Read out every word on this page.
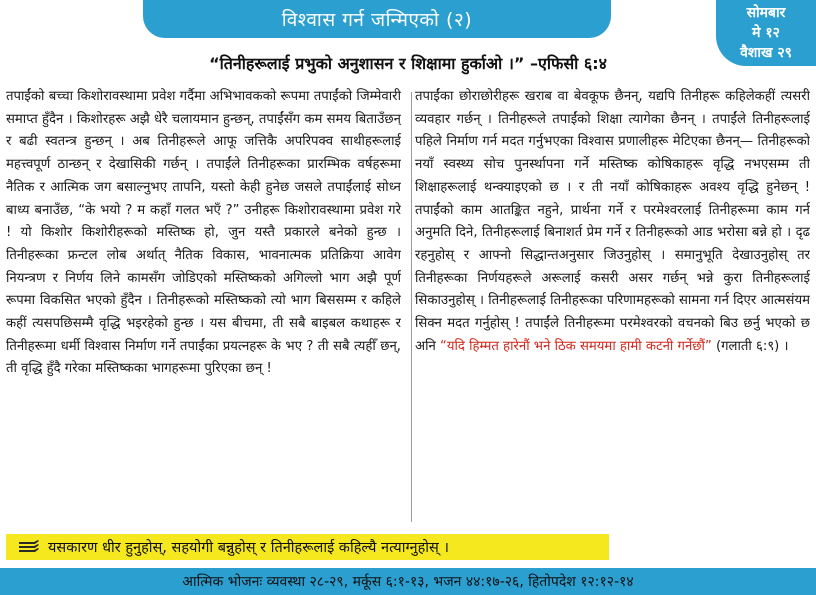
विश्वास गर्न जन्मिएको (२)	सोमबार
मे १२
वैशाख २९
“तिनीहरूलाई प्रभुको अनुशासन र शिक्षामा हुर्काओ ।” –एफिसी ६:४
तपाईंको बच्चा किशोरावस्थामा प्रवेश गर्दैमा अभिभावकको रूपमा तपाईंको जिम्मेवारी समाप्त हुँदैन । किशोरहरू अझै धेरै चलायमान हुन्छन्, तपाईंसँग कम समय बिताउँछन् र बढी स्वतन्त्र हुन्छन् । अब तिनीहरूले आफू जत्तिकै अपरिपक्व साथीहरूलाई महत्त्वपूर्ण ठान्छन् र देखासिकी गर्छन् । तपाईंले तिनीहरूका प्रारम्भिक वर्षहरूमा नैतिक र आत्मिक जग बसाल्नुभए तापनि, यस्तो केही हुनेछ जसले तपाईंलाई सोध्न बाध्य बनाउँछ, “के भयो ? म कहाँ गलत भएँ ?” उनीहरू किशोरावस्थामा प्रवेश गरे ! यो किशोर किशोरीहरूको मस्तिष्क हो, जुन यस्तै प्रकारले बनेको हुन्छ । तिनीहरूका फ्रन्टल लोब अर्थात् नैतिक विकास, भावनात्मक प्रतिक्रिया आवेग नियन्त्रण र निर्णय लिने कामसँग जोडिएको मस्तिष्कको अगिल्लो भाग अझै पूर्ण रूपमा विकसित भएको हुँदैन । तिनीहरूको मस्तिष्कको त्यो भाग बिससम्म र कहिले कहीं त्यसपछिसम्मै वृद्धि भइरहेको हुन्छ । यस बीचमा, ती सबै बाइबल कथाहरू र तिनीहरूमा धर्मी विश्वास निर्माण गर्ने तपाईंका प्रयत्नहरू के भए ? ती सबै त्यहीँ छन्, ती वृद्धि हुँदै गरेका मस्तिष्कका भागहरूमा पुरिएका छन् !
तपाईंका छोराछोरीहरू खराब वा बेवकूफ छैनन्, यद्यपि तिनीहरू कहिलेकहीं त्यसरी व्यवहार गर्छन् । तिनीहरूले तपाईंको शिक्षा त्यागेका छैनन् । तपाईंले तिनीहरूलाई पहिले निर्माण गर्न मदत गर्नुभएका विश्वास प्रणालीहरू मेटिएका छैनन्— तिनीहरूको नयाँ स्वस्थ्य सोच पुनर्स्थापना गर्ने मस्तिष्क कोषिकाहरू वृद्धि नभएसम्म ती शिक्षाहरूलाई थन्क्याइएको छ । र ती नयाँ कोषिकाहरू अवश्य वृद्धि हुनेछन् ! तपाईंको काम आतङ्कित नहुने, प्रार्थना गर्ने र परमेश्वरलाई तिनीहरूमा काम गर्न अनुमति दिने, तिनीहरूलाई बिनाशर्त प्रेम गर्ने र तिनीहरूको आड भरोसा बन्ने हो । दृढ रहनुहोस् र आफ्नो सिद्धान्तअनुसार जिउनुहोस् । समानुभूति देखाउनुहोस् तर तिनीहरूका निर्णयहरूले अरूलाई कसरी असर गर्छन् भन्ने कुरा तिनीहरूलाई सिकाउनुहोस् । तिनीहरूलाई तिनीहरूका परिणामहरूको सामना गर्न दिएर आत्मसंयम सिक्न मदत गर्नुहोस् ! तपाईंले तिनीहरूमा परमेश्वरको वचनको बिउ छर्नु भएको छ अनि “यदि हिम्मत हारेनौं भने ठिक समयमा हामी कटनी गर्नेछौं” (गलाती ६:९) ।
यसकारण धीर हुनुहोस्, सहयोगी बन्नुहोस् र तिनीहरूलाई कहिल्यै नत्याग्नुहोस् ।
आत्मिक भोजनः व्यवस्था २८-२९, मर्कूस ६:१-१३, भजन ४४:१७-२६, हितोपदेश १२:१२-१४
